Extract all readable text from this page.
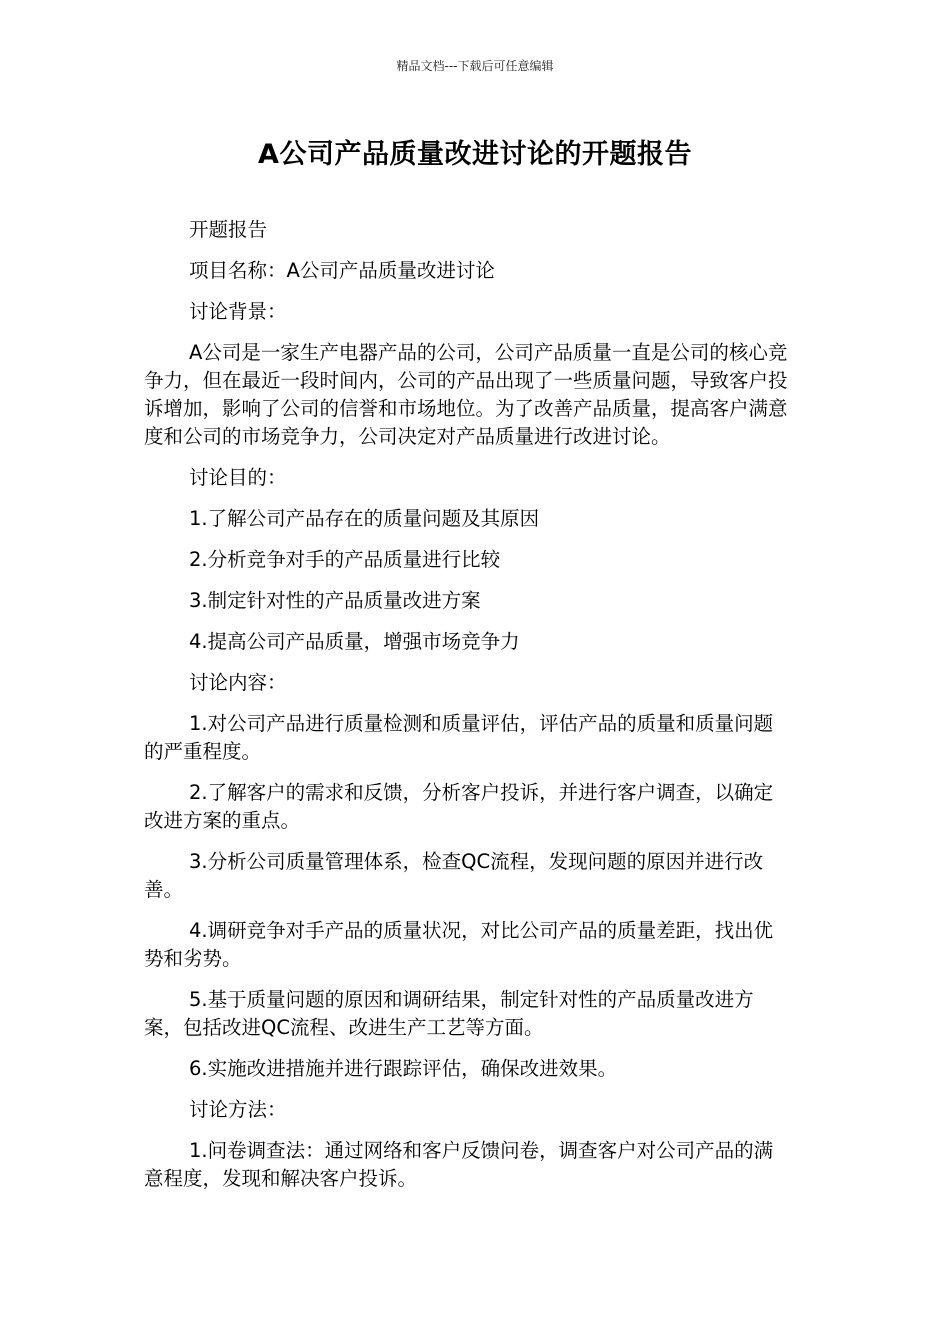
精品文档---下载后可任意编辑
A公司产品质量改进讨论的开题报告

开题报告

项目名称：A公司产品质量改进讨论

讨论背景：

A公司是一家生产电器产品的公司，公司产品质量一直是公司的核心竞争力，但在最近一段时间内，公司的产品出现了一些质量问题，导致客户投诉增加，影响了公司的信誉和市场地位。为了改善产品质量，提高客户满意度和公司的市场竞争力，公司决定对产品质量进行改进讨论。

讨论目的：

1.了解公司产品存在的质量问题及其原因

2.分析竞争对手的产品质量进行比较

3.制定针对性的产品质量改进方案

4.提高公司产品质量，增强市场竞争力

讨论内容：

1.对公司产品进行质量检测和质量评估，评估产品的质量和质量问题的严重程度。

2.了解客户的需求和反馈，分析客户投诉，并进行客户调查，以确定改进方案的重点。

3.分析公司质量管理体系，检查QC流程，发现问题的原因并进行改善。

4.调研竞争对手产品的质量状况，对比公司产品的质量差距，找出优势和劣势。

5.基于质量问题的原因和调研结果，制定针对性的产品质量改进方案，包括改进QC流程、改进生产工艺等方面。

6.实施改进措施并进行跟踪评估，确保改进效果。

讨论方法：

1.问卷调查法：通过网络和客户反馈问卷，调查客户对公司产品的满意程度，发现和解决客户投诉。
